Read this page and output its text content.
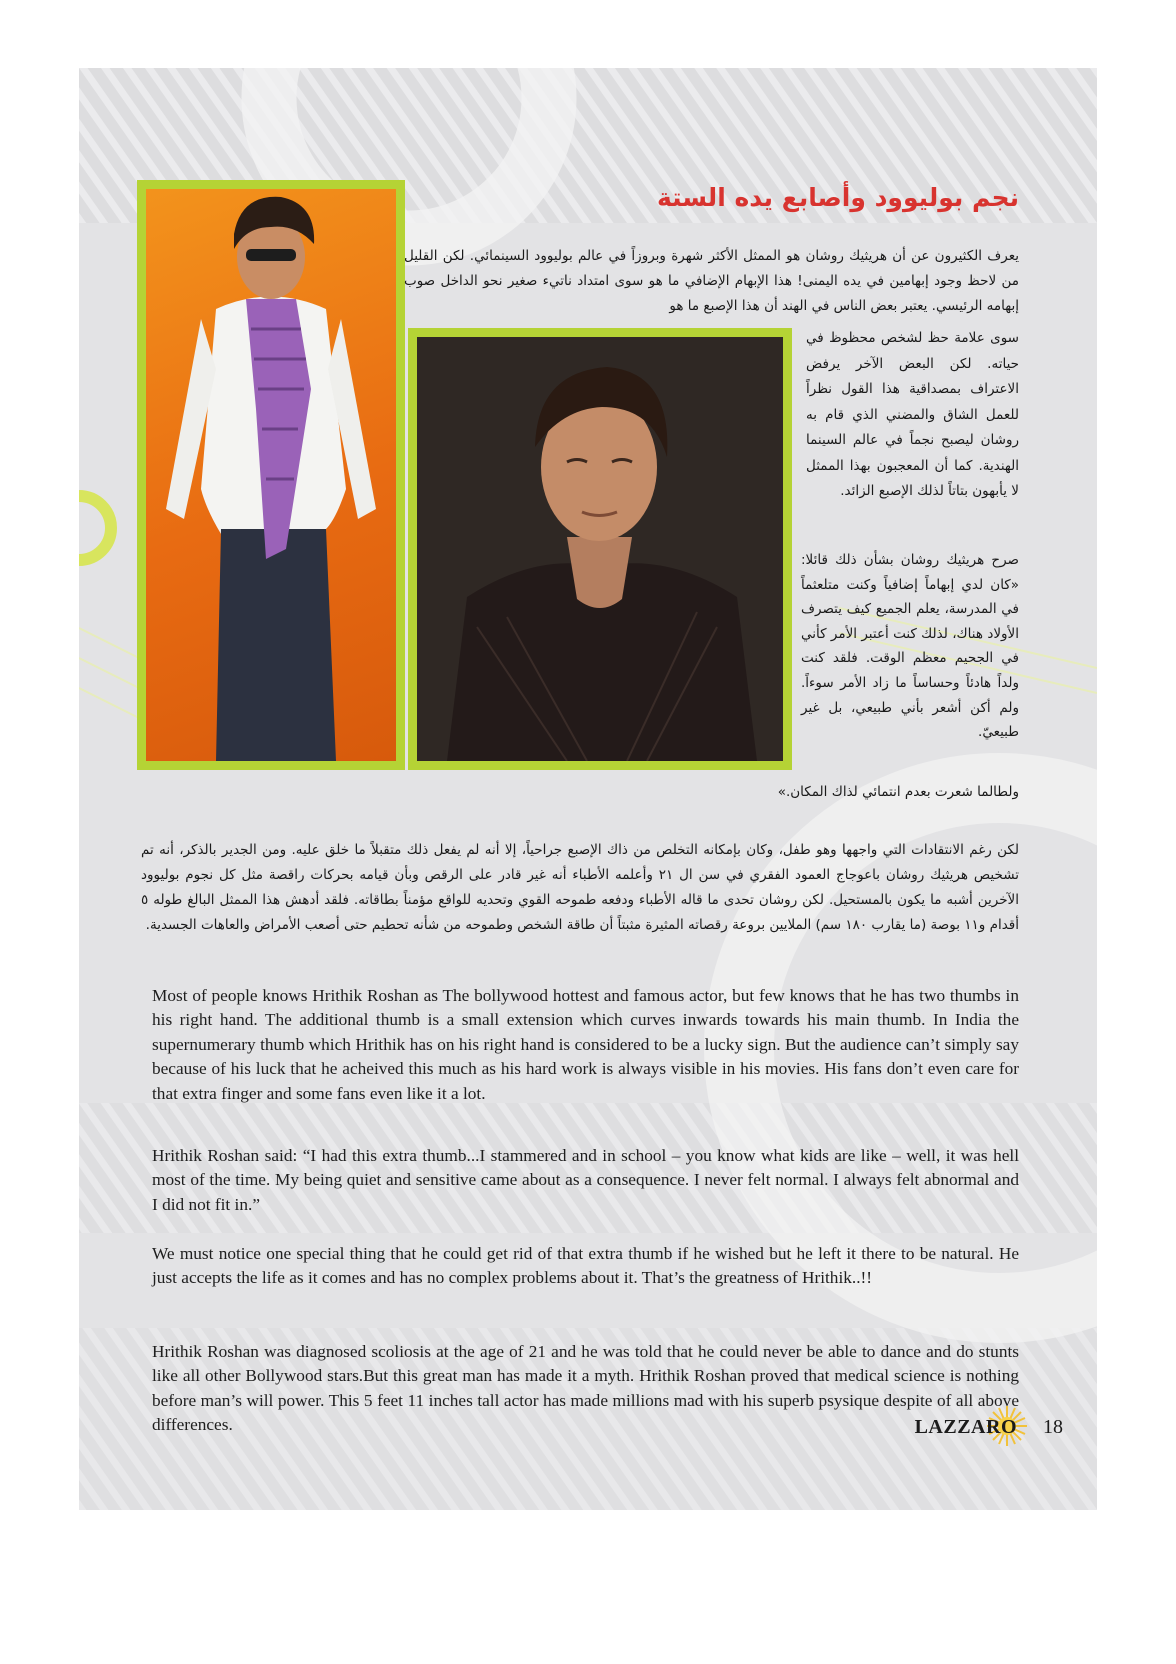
نجم بوليوود وأصابع يده الستة
يعرف الكثيرون عن أن هريثيك روشان هو الممثل الأكثر شهرة وبروزاً في عالم بوليوود السينمائي. لكن القليل من لاحظ وجود إبهامين في يده اليمنى! هذا الإبهام الإضافي ما هو سوى امتداد ناتيء صغير نحو الداخل صوب إبهامه الرئيسي. يعتبر بعض الناس في الهند أن هذا الإصبع ما هو
سوى علامة حظ لشخص محظوظ في حياته. لكن البعض الآخر يرفض الاعتراف بمصداقية هذا القول نظراً للعمل الشاق والمضني الذي قام به روشان ليصبح نجماً في عالم السينما الهندية. كما أن المعجبون بهذا الممثل لا يأبهون بتاتاً لذلك الإصبع الزائد.
صرح هريثيك روشان بشأن ذلك قائلا: «كان لدي إبهاماً إضافياً وكنت متلعثماً في المدرسة، يعلم الجميع كيف يتصرف الأولاد هناك، لذلك كنت أعتبر الأمر كأني في الجحيم معظم الوقت. فلقد كنت ولداً هادئاً وحساساً ما زاد الأمر سوءاً. ولم أكن أشعر بأني طبيعي، بل غير طبيعيّ.
ولطالما شعرت بعدم انتمائي لذاك المكان.»
لكن رغم الانتقادات التي واجهها وهو طفل، وكان بإمكانه التخلص من ذاك الإصبع جراحياً، إلا أنه لم يفعل ذلك متقبلاً ما خلق عليه. ومن الجدير بالذكر، أنه تم تشخيص هريثيك روشان باعوجاج العمود الفقري في سن ال ٢١ وأعلمه الأطباء أنه غير قادر على الرقص وبأن قيامه بحركات راقصة مثل كل نجوم بوليوود الآخرين أشبه ما يكون بالمستحيل. لكن روشان تحدى ما قاله الأطباء ودفعه طموحه القوي وتحديه للواقع مؤمناً بطاقاته. فلقد أدهش هذا الممثل البالغ طوله ٥ أقدام و١١ بوصة (ما يقارب ١٨٠ سم) الملايين بروعة رقصاته المثيرة مثبتاً أن طاقة الشخص وطموحه من شأنه تحطيم حتى أصعب الأمراض والعاهات الجسدية.

Most of people knows Hrithik Roshan as The bollywood hottest and famous actor, but few knows that he has two thumbs in his right hand. The additional thumb is a small extension which curves inwards towards his main thumb. In India the supernumerary thumb which Hrithik has on his right hand is considered to be a lucky sign. But the audience can’t simply say because of his luck that he acheived this much as his hard work is always visible in his movies. His fans don’t even care for that extra finger and some fans even like it a lot.

Hrithik Roshan said: “I had this extra thumb...I stammered and in school – you know what kids are like – well, it was hell most of the time. My being quiet and sensitive came about as a consequence. I never felt normal. I always felt abnormal and I did not fit in.”

We must notice one special thing that he could get rid of that extra thumb if he wished but he left it there to be natural. He just accepts the life as it comes and has no complex problems about it. That’s the greatness of Hrithik..!!

Hrithik Roshan was diagnosed scoliosis at the age of 21 and he was told that he could never be able to dance and do stunts like all other Bollywood stars.But this great man has made it a myth. Hrithik Roshan proved that medical science is nothing before man’s will power. This 5 feet 11 inches tall actor has made millions mad with his superb psysique despite of all above differences.	LAZZARO 18
